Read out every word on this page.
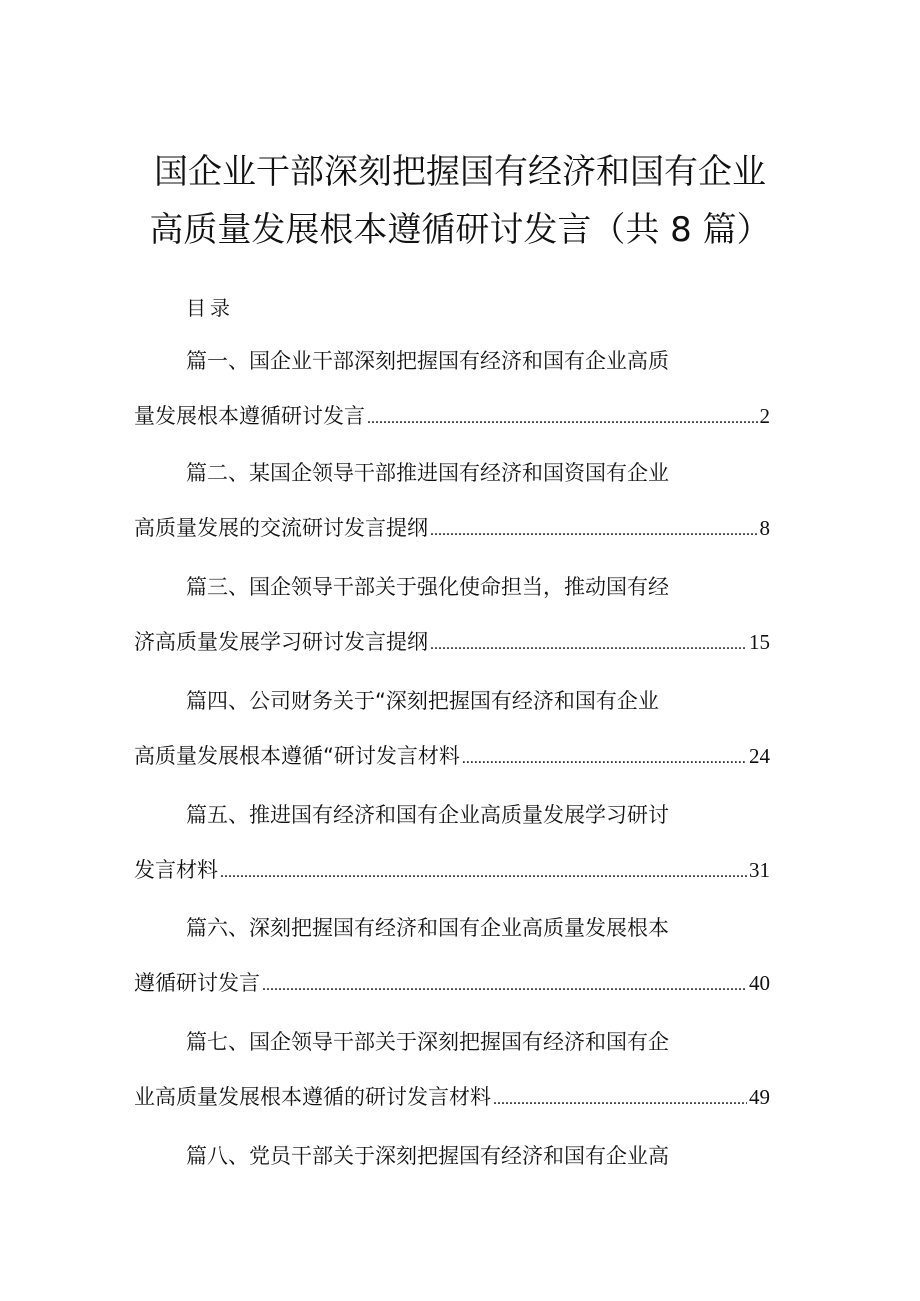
国企业干部深刻把握国有经济和国有企业
高质量发展根本遵循研讨发言（共 8 篇）
目录
篇一、国企业干部深刻把握国有经济和国有企业高质
量发展根本遵循研讨发言 .....	2
篇二、某国企领导干部推进国有经济和国资国有企业
高质量发展的交流研讨发言提纲 .....	8
篇三、国企领导干部关于强化使命担当，推动国有经
济高质量发展学习研讨发言提纲 .....	15
篇四、公司财务关于“深刻把握国有经济和国有企业
高质量发展根本遵循“研讨发言材料 .....	24
篇五、推进国有经济和国有企业高质量发展学习研讨
发言材料 .....	31
篇六、深刻把握国有经济和国有企业高质量发展根本
遵循研讨发言 .....	40
篇七、国企领导干部关于深刻把握国有经济和国有企
业高质量发展根本遵循的研讨发言材料 .....	49
篇八、党员干部关于深刻把握国有经济和国有企业高
